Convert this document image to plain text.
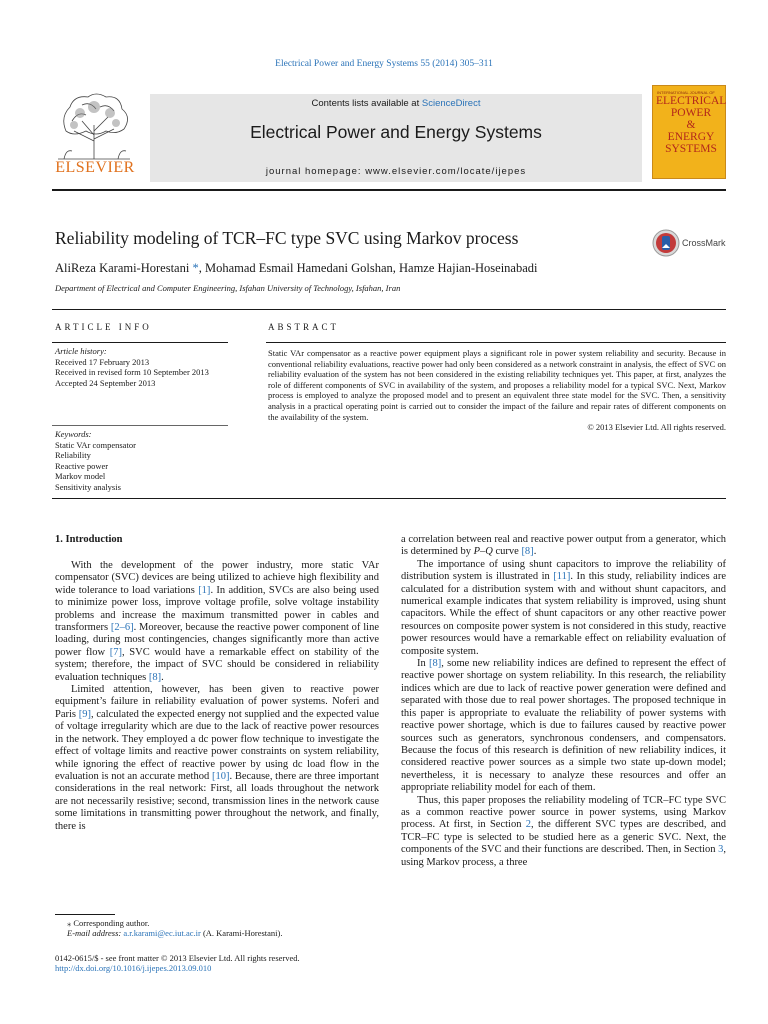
Electrical Power and Energy Systems 55 (2014) 305–311
ELSEVIER
Contents lists available at ScienceDirect
Electrical Power and Energy Systems
journal homepage: www.elsevier.com/locate/ijepes
INTERNATIONAL JOURNAL OF
ELECTRICAL
POWER
&
ENERGY
SYSTEMS
Reliability modeling of TCR–FC type SVC using Markov process	CrossMark
AliReza Karami-Horestani *, Mohamad Esmail Hamedani Golshan, Hamze Hajian-Hoseinabadi
Department of Electrical and Computer Engineering, Isfahan University of Technology, Isfahan, Iran
ARTICLE INFO	ABSTRACT
Article history:
Received 17 February 2013
Received in revised form 10 September 2013
Accepted 24 September 2013
Keywords:
Static VAr compensator
Reliability
Reactive power
Markov model
Sensitivity analysis
Static VAr compensator as a reactive power equipment plays a significant role in power system reliability and security. Because in conventional reliability evaluations, reactive power had only been considered as a network constraint in analysis, the effect of SVC on reliability evaluation of the system has not been considered in the existing reliability techniques yet. This paper, at first, analyzes the role of different components of SVC in availability of the system, and proposes a reliability model for a typical SVC. Next, Markov process is employed to analyze the proposed model and to present an equivalent three state model for the SVC. Then, a sensitivity analysis in a practical operating point is carried out to consider the impact of the failure and repair rates of different components on the availability of the system.
© 2013 Elsevier Ltd. All rights reserved.
1. Introduction

With the development of the power industry, more static VAr compensator (SVC) devices are being utilized to achieve high flexibility and wide tolerance to load variations [1]. In addition, SVCs are also being used to minimize power loss, improve voltage profile, solve voltage instability problems and increase the maximum transmitted power in cables and transformers [2–6]. Moreover, because the reactive power component of line loading, during most contingencies, changes significantly more than active power flow [7], SVC would have a remarkable effect on stability of the system; therefore, the impact of SVC should be considered in reliability evaluation techniques [8].

Limited attention, however, has been given to reactive power equipment’s failure in reliability evaluation of power systems. Noferi and Paris [9], calculated the expected energy not supplied and the expected value of voltage irregularity which are due to the lack of reactive power resources in the network. They employed a dc power flow technique to investigate the effect of voltage limits and reactive power constraints on system reliability, while ignoring the effect of reactive power by using dc load flow in the evaluation is not an accurate method [10]. Because, there are three important considerations in the real network: First, all loads throughout the network are not necessarily resistive; second, transmission lines in the network cause some limitations in transmitting power throughout the network, and finally, there is

a correlation between real and reactive power output from a generator, which is determined by P–Q curve [8].

The importance of using shunt capacitors to improve the reliability of distribution system is illustrated in [11]. In this study, reliability indices are calculated for a distribution system with and without shunt capacitors, and numerical example indicates that system reliability is improved, using shunt capacitors. While the effect of shunt capacitors or any other reactive power resources on composite power system is not considered in this study, reactive power resources would have a remarkable effect on reliability evaluation of composite system.

In [8], some new reliability indices are defined to represent the effect of reactive power shortage on system reliability. In this research, the reliability indices which are due to lack of reactive power generation were defined and separated with those due to real power shortages. The proposed technique in this paper is appropriate to evaluate the reliability of power systems with reactive power shortage, which is due to failures caused by reactive power sources such as generators, synchronous condensers, and compensators. Because the focus of this research is definition of new reliability indices, it considered reactive power sources as a simple two state up-down model; nevertheless, it is necessary to analyze these resources and offer an appropriate reliability model for each of them.

Thus, this paper proposes the reliability modeling of TCR–FC type SVC as a common reactive power source in power systems, using Markov process. At first, in Section 2, the different SVC types are described, and TCR–FC type is selected to be studied here as a generic SVC. Next, the components of the SVC and their functions are described. Then, in Section 3, using Markov process, a three

⁎ Corresponding author.
E-mail address: a.r.karami@ec.iut.ac.ir (A. Karami-Horestani).
0142-0615/$ - see front matter © 2013 Elsevier Ltd. All rights reserved.
http://dx.doi.org/10.1016/j.ijepes.2013.09.010
